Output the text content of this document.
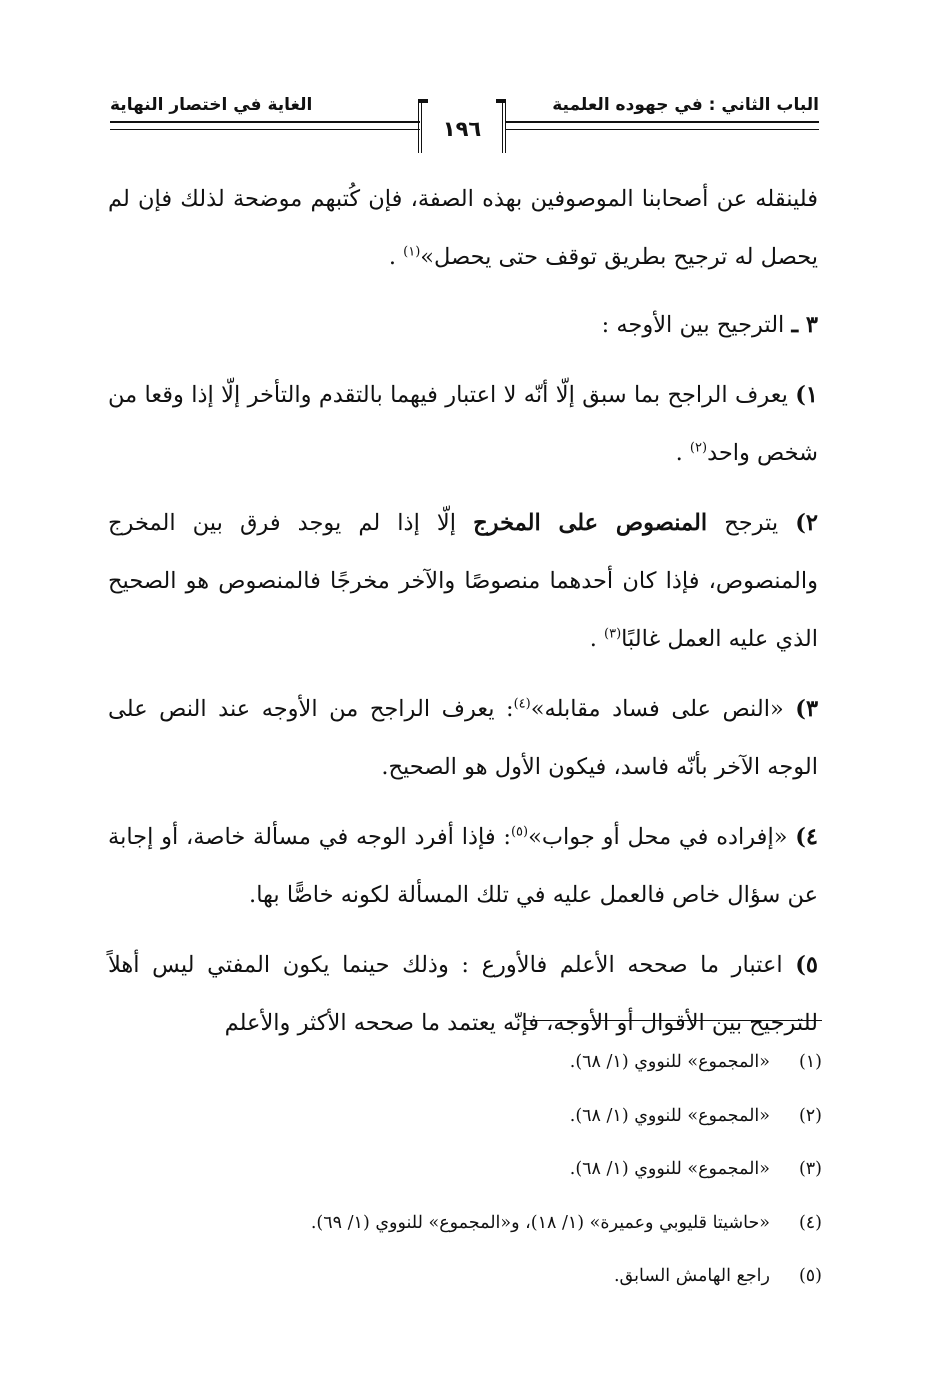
الباب الثاني : في جهوده العلمية
الغاية في اختصار النهاية
١٩٦

فلينقله عن أصحابنا الموصوفين بهذه الصفة، فإن كُتبهم موضحة لذلك فإن لم يحصل له ترجيح بطريق توقف حتى يحصل»$^{(١)}$ .

٣ ـ الترجيح بين الأوجه :

١) يعرف الراجح بما سبق إلّا أنّه لا اعتبار فيهما بالتقدم والتأخر إلّا إذا وقعا من شخص واحد$^{(٢)}$ .

٢) يترجح المنصوص على المخرج إلّا إذا لم يوجد فرق بين المخرج والمنصوص، فإذا كان أحدهما منصوصًا والآخر مخرجًا فالمنصوص هو الصحيح الذي عليه العمل غالبًا$^{(٣)}$ .

٣) «النص على فساد مقابله»$^{(٤)}$: يعرف الراجح من الأوجه عند النص على الوجه الآخر بأنّه فاسد، فيكون الأول هو الصحيح.

٤) «إفراده في محل أو جواب»$^{(٥)}$: فإذا أفرد الوجه في مسألة خاصة، أو إجابة عن سؤال خاص فالعمل عليه في تلك المسألة لكونه خاصًّا بها.

٥) اعتبار ما صححه الأعلم فالأورع : وذلك حينما يكون المفتي ليس أهلاً للترجيح بين الأقوال أو الأوجه، فإنّه يعتمد ما صححه الأكثر والأعلم

(١)
«المجموع» للنووي (١/ ٦٨).
(٢)
«المجموع» للنووي (١/ ٦٨).
(٣)
«المجموع» للنووي (١/ ٦٨).
(٤)
«حاشيتا قليوبي وعميرة» (١/ ١٨)، و«المجموع» للنووي (١/ ٦٩).
(٥)
راجع الهامش السابق.
